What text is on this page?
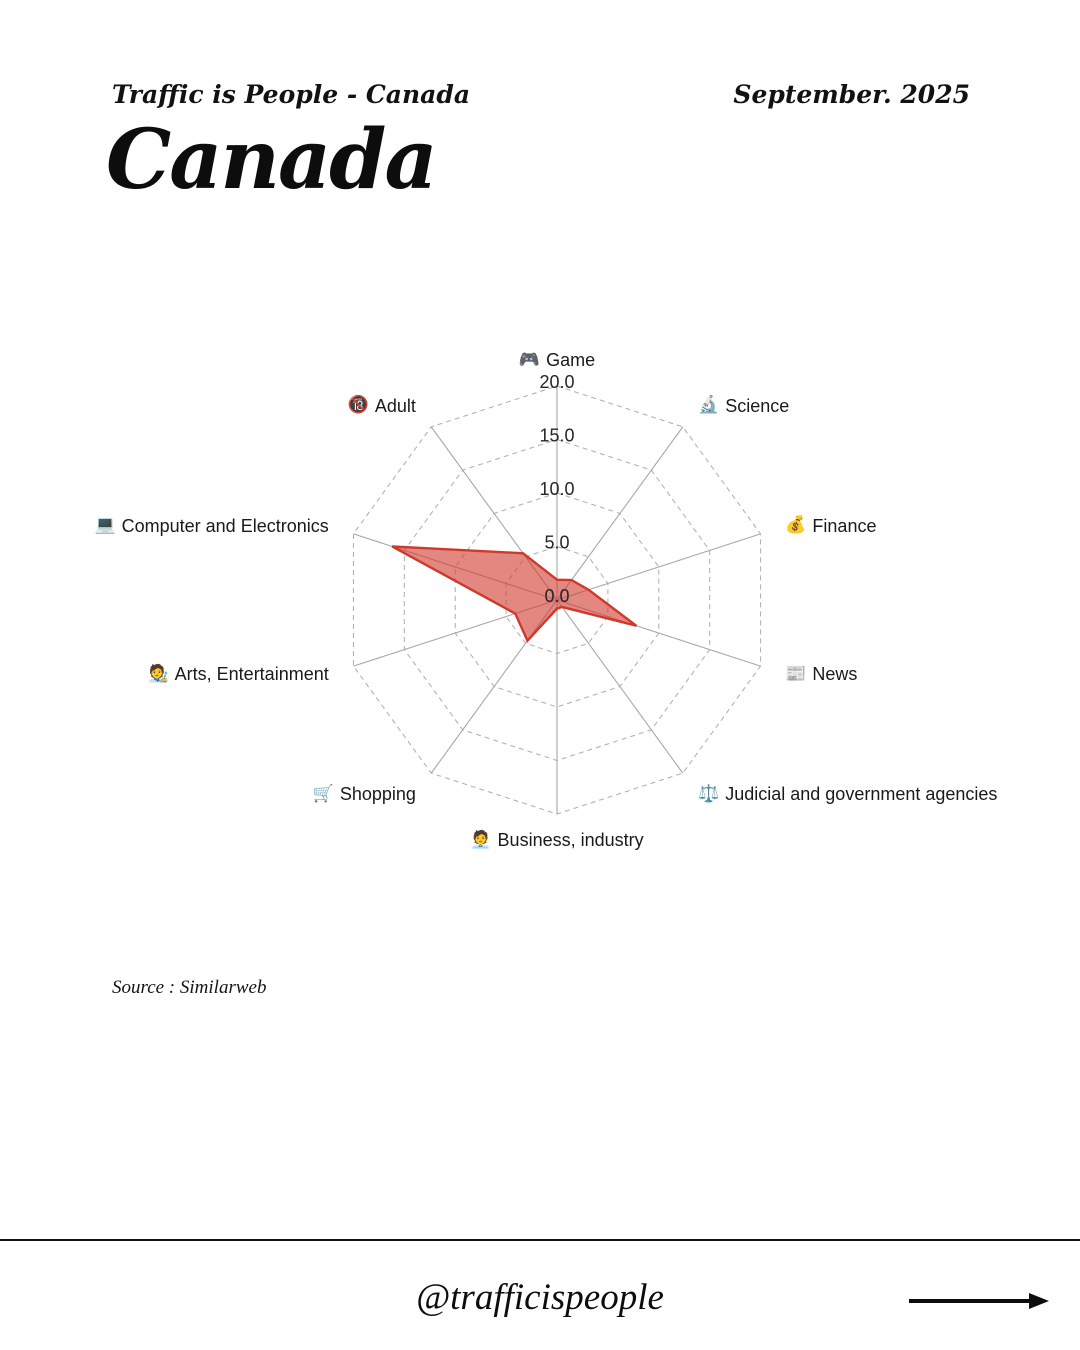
Traffic is People - Canada	September. 2025
Canada
0.0
5.0
10.0
15.0
20.0
🎮 Game
🔬 Science
💰 Finance
📰 News
⚖️ Judicial and government agencies
🧑‍💼 Business, industry
🛒 Shopping
🧑‍🎨 Arts, Entertainment
💻 Computer and Electronics
🔞 Adult
Source : Similarweb
@trafficispeople
